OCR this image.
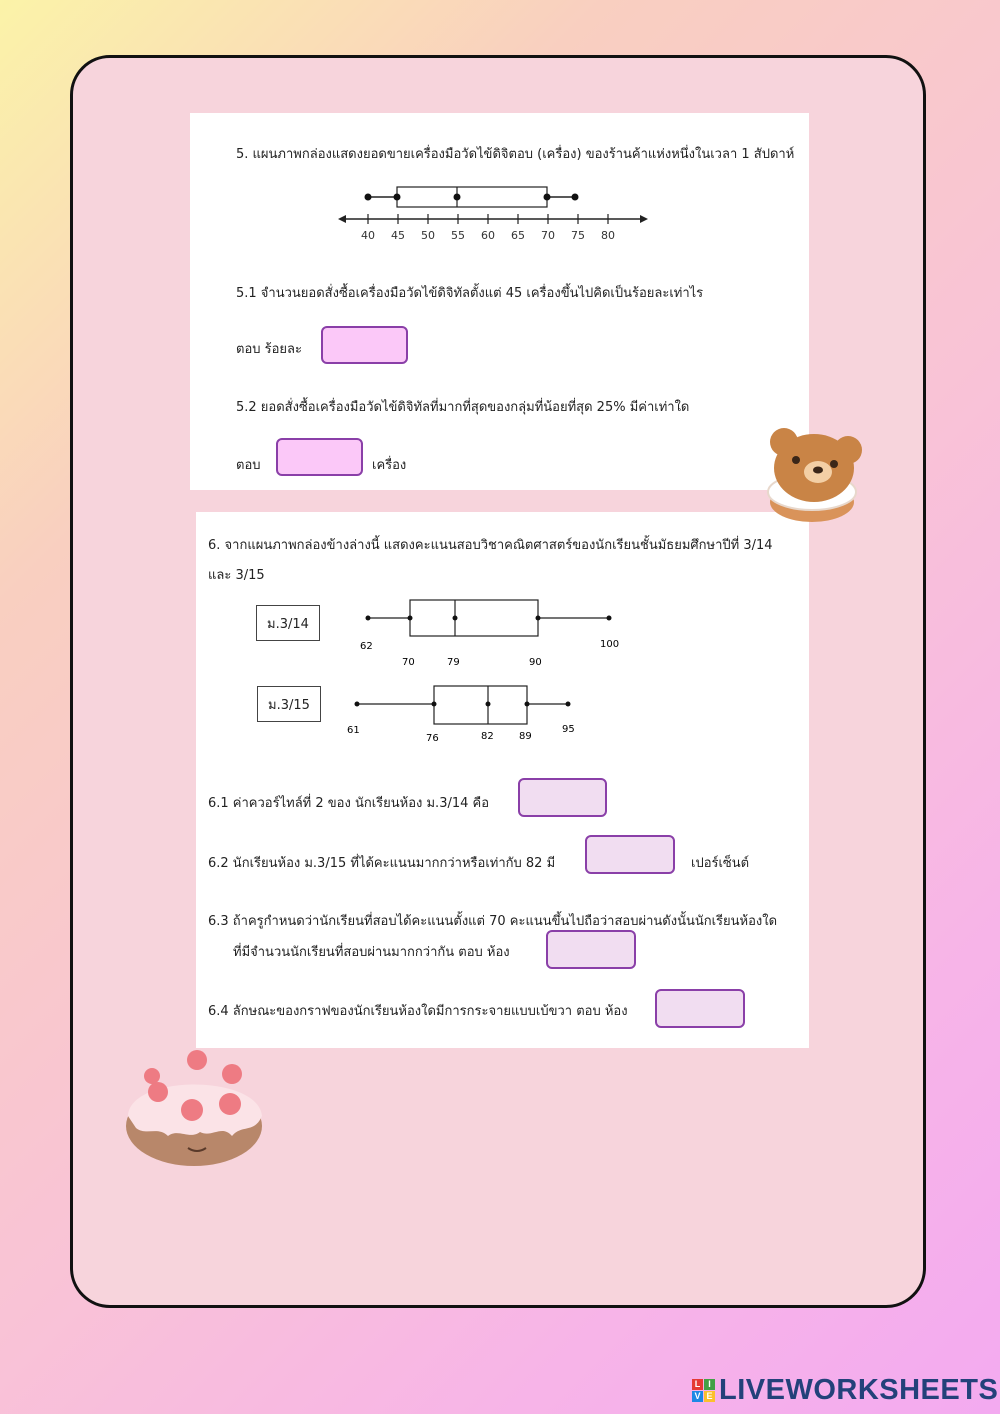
5. แผนภาพกล่องแสดงยอดขายเครื่องมือวัดไข้ดิจิตอบ (เครื่อง) ของร้านค้าแห่งหนึ่งในเวลา 1 สัปดาห์
40 45 50 55 60 65 70 75 80
5.1 จำนวนยอดสั่งซื้อเครื่องมือวัดไข้ดิจิทัลตั้งแต่ 45 เครื่องขึ้นไปคิดเป็นร้อยละเท่าไร
ตอบ ร้อยละ
5.2 ยอดสั่งซื้อเครื่องมือวัดไข้ดิจิทัลที่มากที่สุดของกลุ่มที่น้อยที่สุด 25% มีค่าเท่าใด
ตอบ	เครื่อง
6. จากแผนภาพกล่องข้างล่างนี้ แสดงคะแนนสอบวิชาคณิตศาสตร์ของนักเรียนชั้นมัธยมศึกษาปีที่ 3/14
และ 3/15
ม.3/14
ม.3/15
62
70	79	90
100
61
76	82	89
95
6.1 ค่าควอร์ไทล์ที่ 2 ของ นักเรียนห้อง ม.3/14 คือ
6.2 นักเรียนห้อง ม.3/15 ที่ได้คะแนนมากกว่าหรือเท่ากับ 82 มี	เปอร์เซ็นต์
6.3 ถ้าครูกำหนดว่านักเรียนที่สอบได้คะแนนตั้งแต่ 70 คะแนนขึ้นไปถือว่าสอบผ่านดังนั้นนักเรียนห้องใด
ที่มีจำนวนนักเรียนที่สอบผ่านมากกว่ากัน ตอบ ห้อง
6.4 ลักษณะของกราฟของนักเรียนห้องใดมีการกระจายแบบเบ้ขวา ตอบ ห้อง
L I
V E LIVEWORKSHEETS
